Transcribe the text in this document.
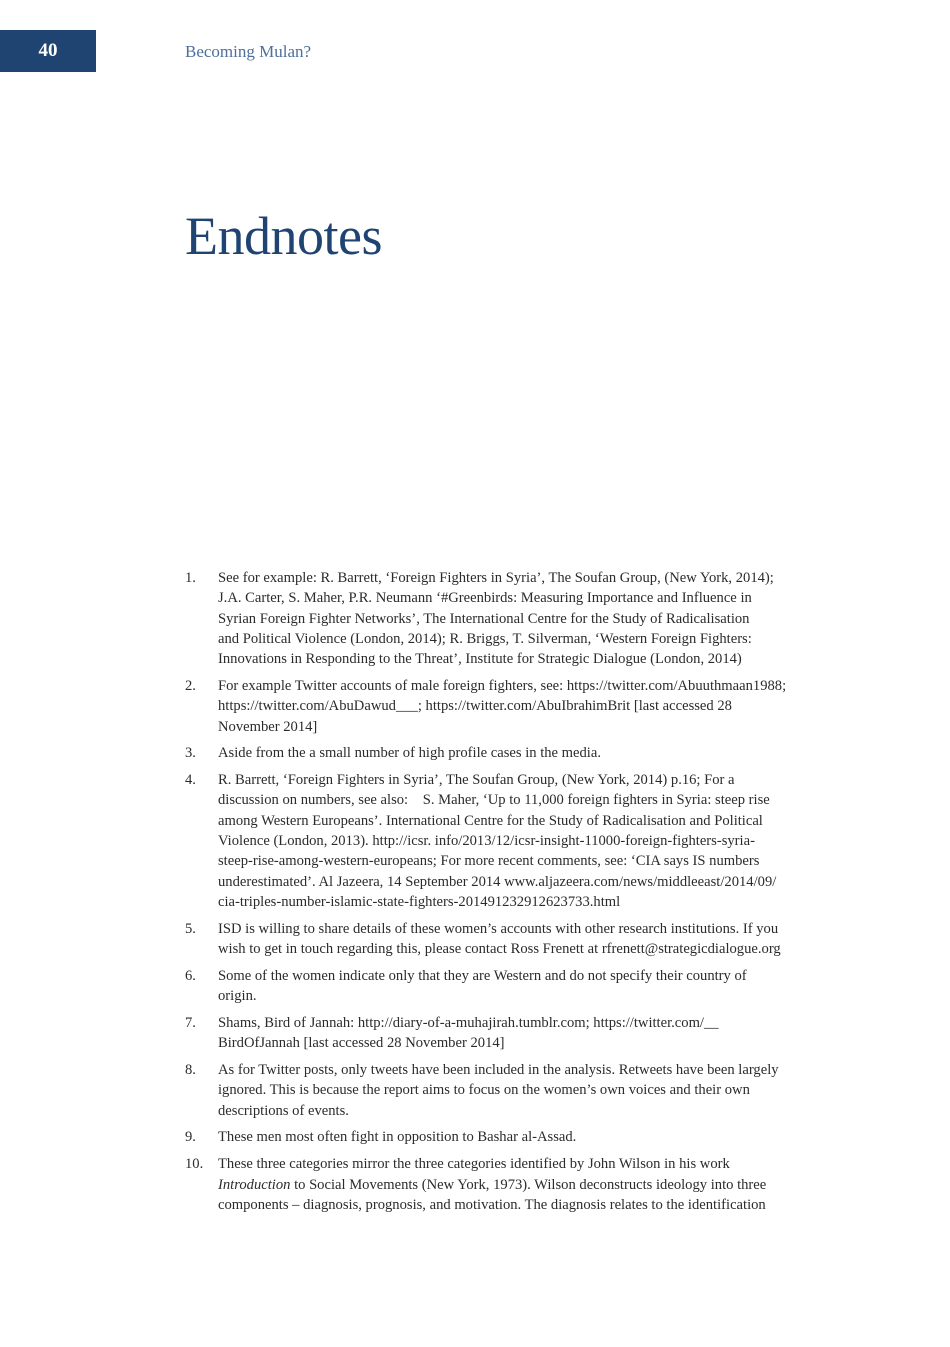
40	Becoming Mulan?
Endnotes
1.	See for example: R. Barrett, ‘Foreign Fighters in Syria’, The Soufan Group, (New York, 2014);
J.A. Carter, S. Maher, P.R. Neumann ‘#Greenbirds: Measuring Importance and Influence in
Syrian Foreign Fighter Networks’, The International Centre for the Study of Radicalisation
and Political Violence (London, 2014); R. Briggs, T. Silverman, ‘Western Foreign Fighters:
Innovations in Responding to the Threat’, Institute for Strategic Dialogue (London, 2014)
2.	For example Twitter accounts of male foreign fighters, see: https://twitter.com/Abuuthmaan1988;
https://twitter.com/AbuDawud___; https://twitter.com/AbuIbrahimBrit [last accessed 28
November 2014]
3.	Aside from the a small number of high profile cases in the media.
4.	R. Barrett, ‘Foreign Fighters in Syria’, The Soufan Group, (New York, 2014) p.16; For a
discussion on numbers, see also:    S. Maher, ‘Up to 11,000 foreign fighters in Syria: steep rise
among Western Europeans’. International Centre for the Study of Radicalisation and Political
Violence (London, 2013). http://icsr. info/2013/12/icsr-insight-11000-foreign-fighters-syria-
steep-rise-among-western-europeans; For more recent comments, see: ‘CIA says IS numbers
underestimated’. Al Jazeera, 14 September 2014 www.aljazeera.com/news/middleeast/2014/09/
cia-triples-number-islamic-state-fighters-201491232912623733.html
5.	ISD is willing to share details of these women’s accounts with other research institutions. If you
wish to get in touch regarding this, please contact Ross Frenett at rfrenett@strategicdialogue.org
6.	Some of the women indicate only that they are Western and do not specify their country of
origin.
7.	Shams, Bird of Jannah: http://diary-of-a-muhajirah.tumblr.com; https://twitter.com/__
BirdOfJannah [last accessed 28 November 2014]
8.	As for Twitter posts, only tweets have been included in the analysis. Retweets have been largely
ignored. This is because the report aims to focus on the women’s own voices and their own
descriptions of events.
9.	These men most often fight in opposition to Bashar al-Assad.
10.	These three categories mirror the three categories identified by John Wilson in his work
Introduction to Social Movements (New York, 1973). Wilson deconstructs ideology into three
components – diagnosis, prognosis, and motivation. The diagnosis relates to the identification
